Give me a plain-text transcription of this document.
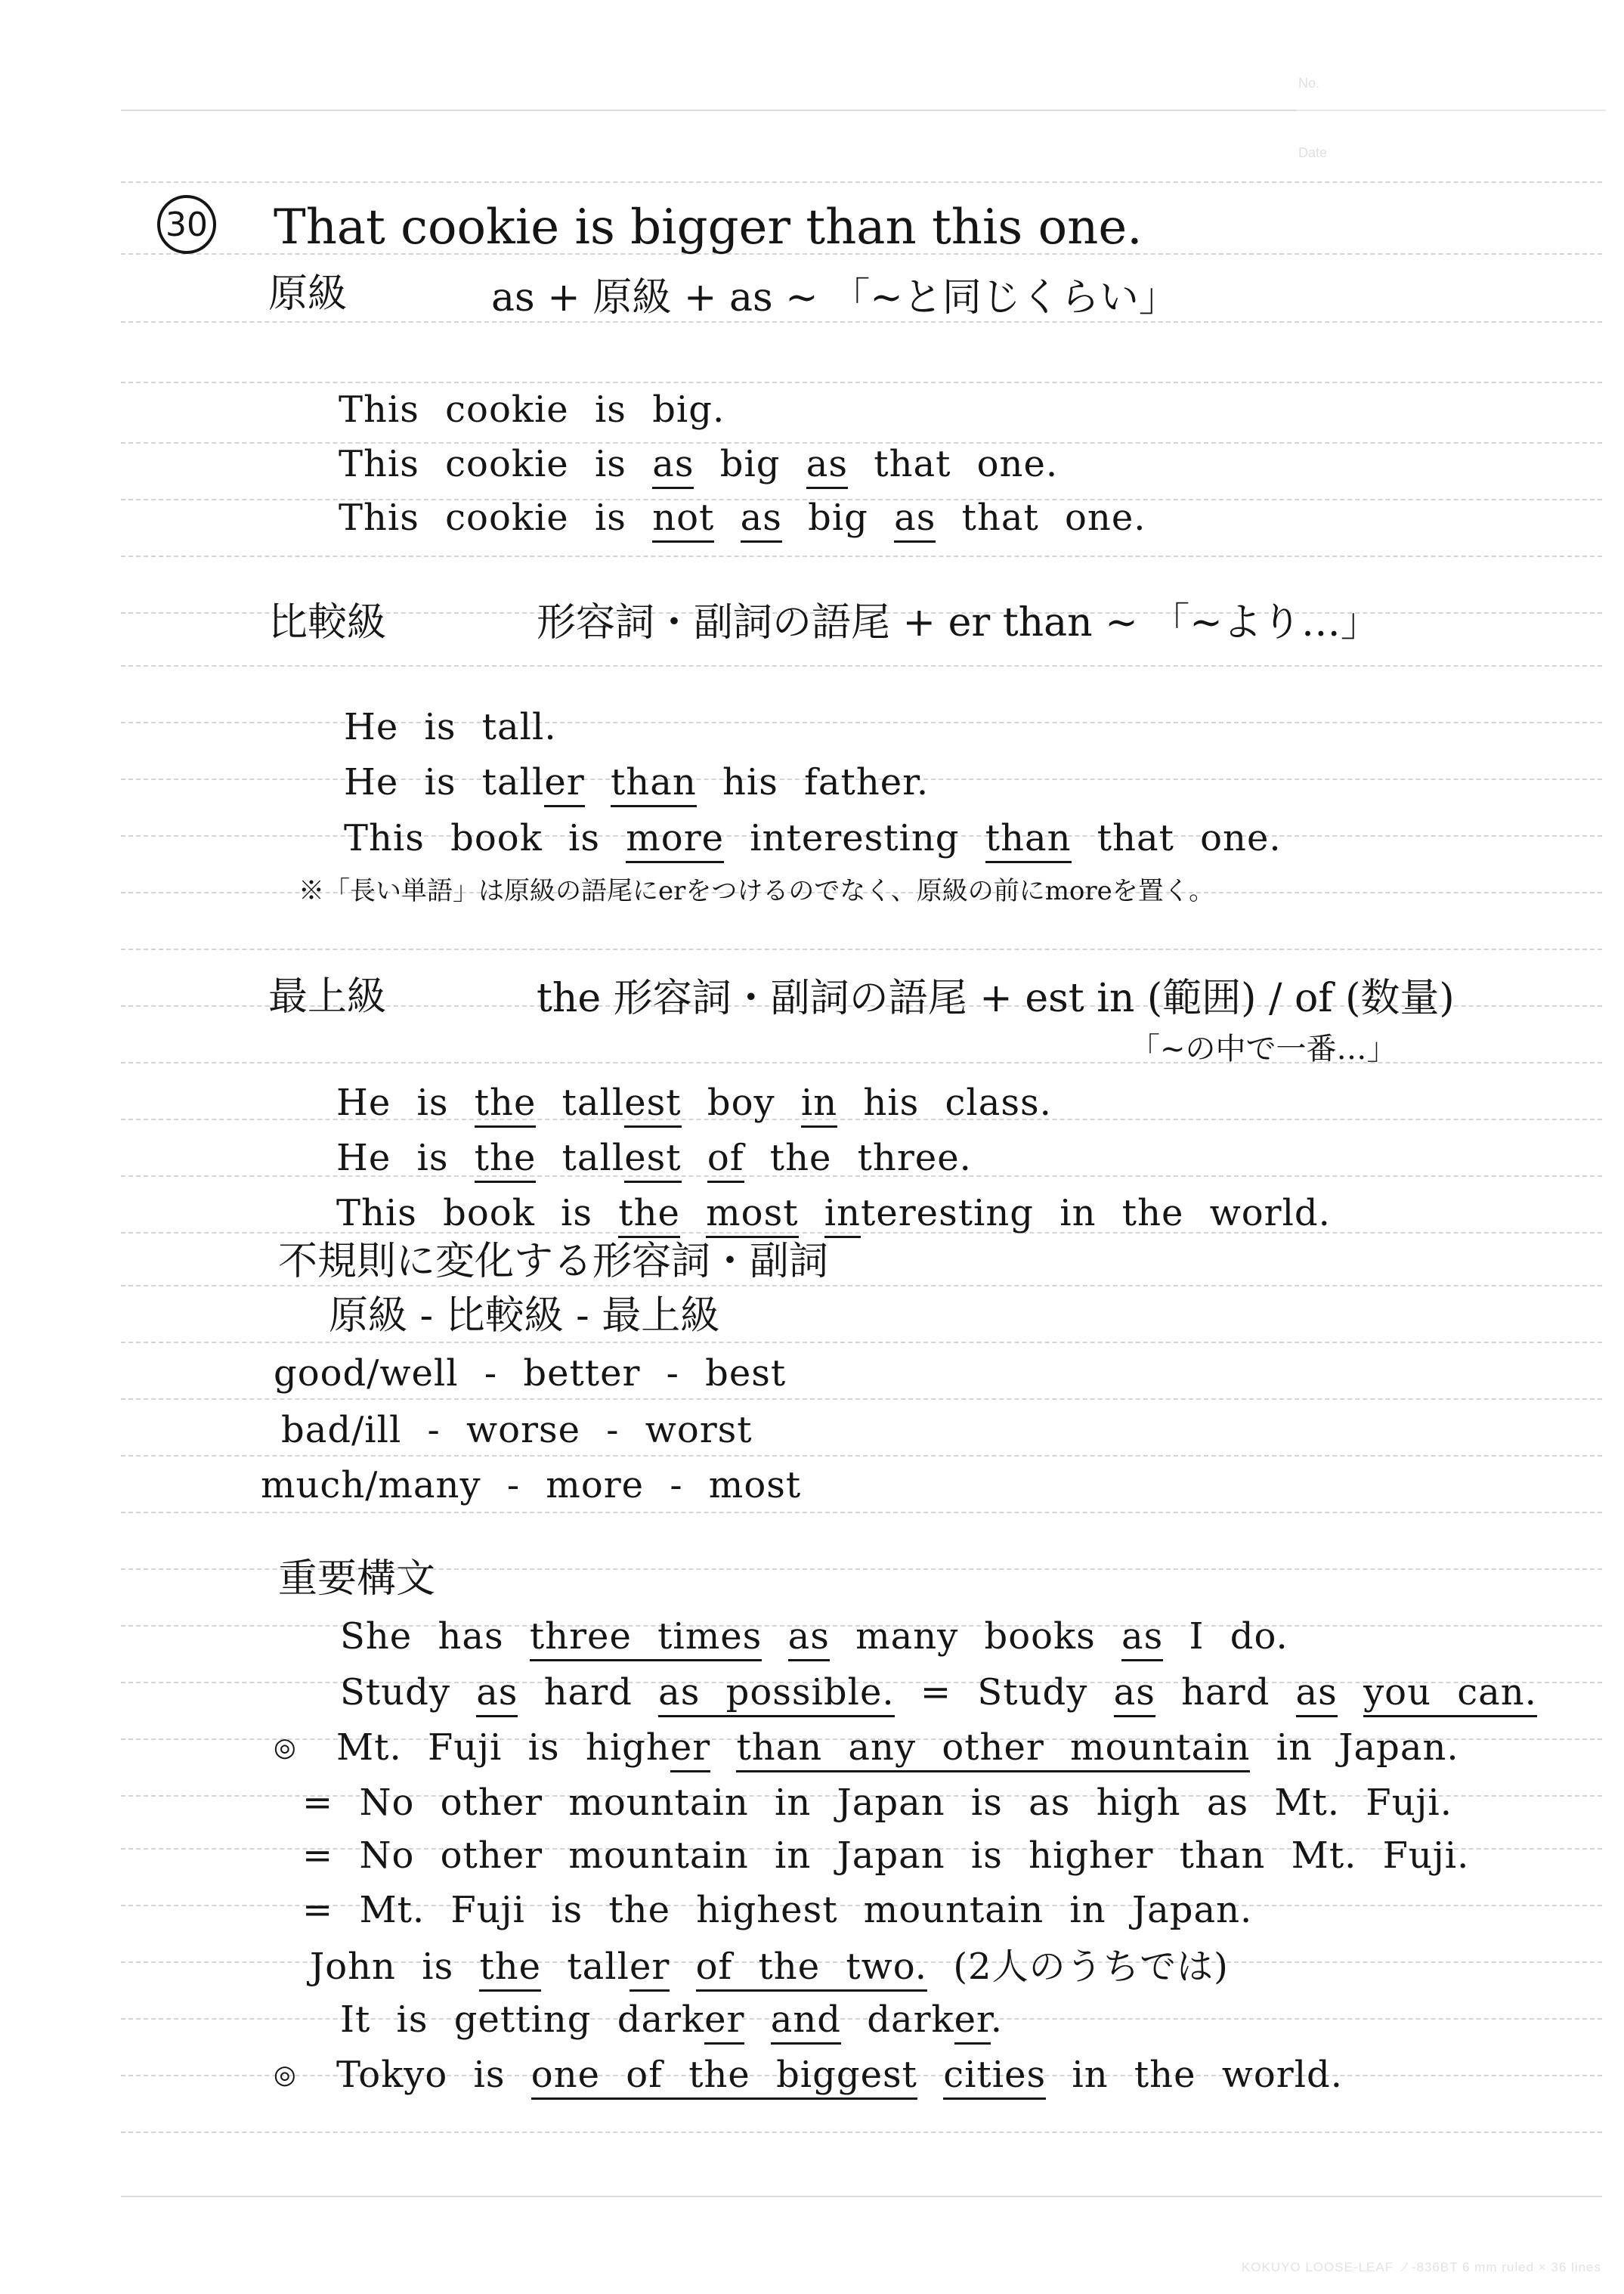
No.
Date
30 That cookie is bigger than this one.
原級	as + 原級 + as ~ 「~と同じくらい」
This cookie is big.
This cookie is as big as that one.
This cookie is not as big as that one.
比較級	形容詞・副詞の語尾 + er than ~ 「~より…」
He is tall.
He is taller than his father.
This book is more interesting than that one.
※「長い単語」は原級の語尾にerをつけるのでなく、原級の前にmoreを置く。
最上級	the 形容詞・副詞の語尾 + est in (範囲) / of (数量)
「~の中で一番…」
He is the tallest boy in his class.
He is the tallest of the three.
This book is the most interesting in the world.
不規則に変化する形容詞・副詞
原級 - 比較級 - 最上級
good/well - better - best
bad/ill - worse - worst
much/many - more - most
重要構文
She has three times as many books as I do.
Study as hard as possible. = Study as hard as you can.
◎ Mt. Fuji is higher than any other mountain in Japan.
= No other mountain in Japan is as high as Mt. Fuji.
= No other mountain in Japan is higher than Mt. Fuji.
= Mt. Fuji is the highest mountain in Japan.
John is the taller of the two. (2人のうちでは)
It is getting darker and darker.
◎ Tokyo is one of the biggest cities in the world.
KOKUYO LOOSE-LEAF ノ-836BT 6 mm ruled × 36 lines
